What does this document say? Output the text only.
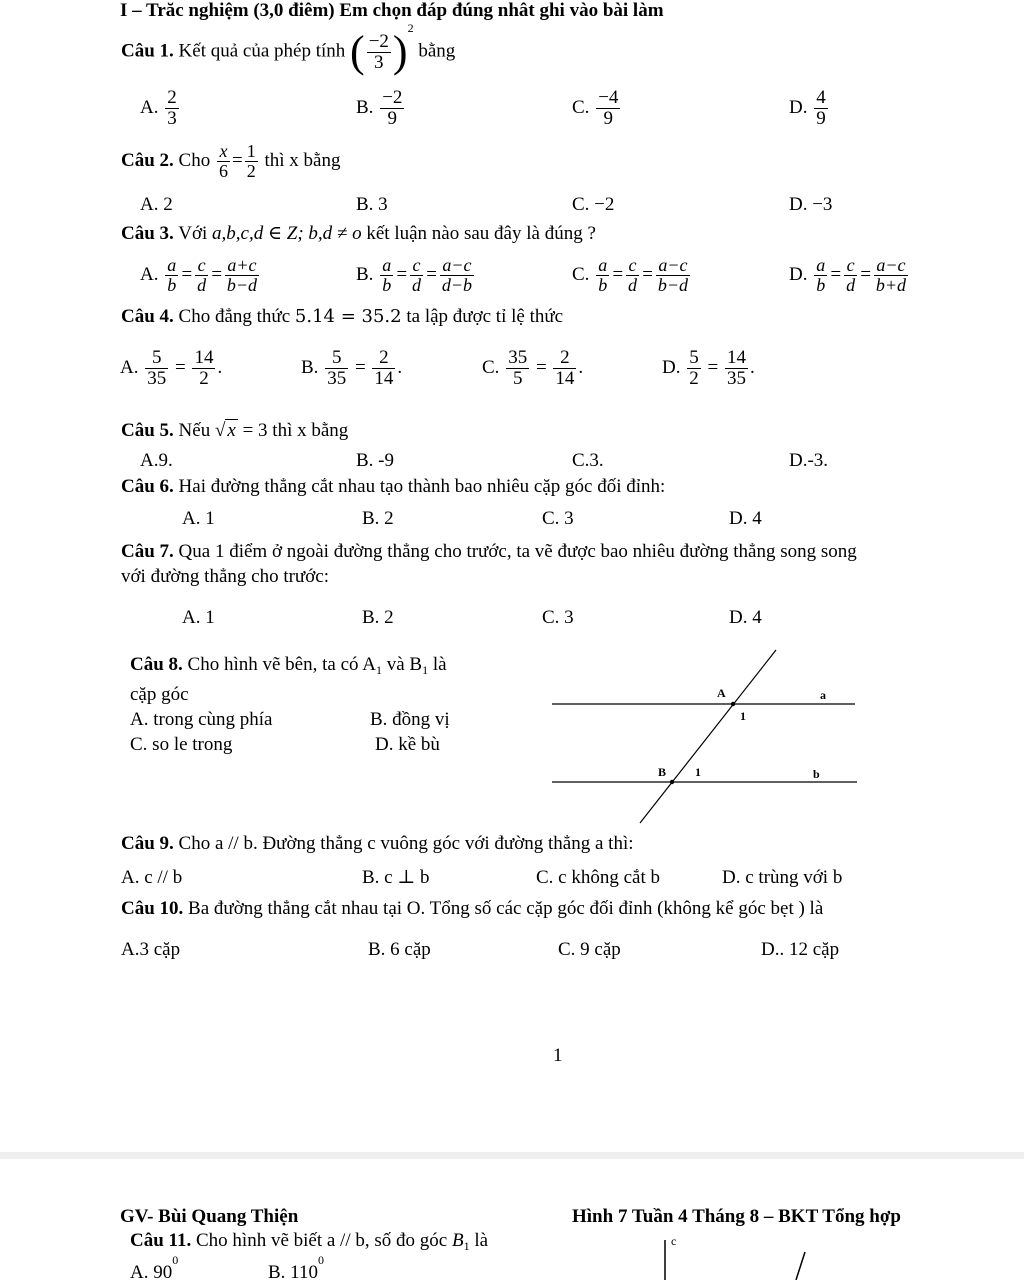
I – Trăc nghiệm (3,0 điêm) Em chọn đáp đúng nhât ghi vào bài làm
Câu 1. Kết quả của phép tính ( $\frac{-2}{3} )^2$ bằng
A. $\frac{2}{3}$	B. $\frac{-2}{9}$	C. $\frac{-4}{9}$	D. $\frac{4}{9}$
Câu 2. Cho $\frac{x}{6} = \frac{1}{2}$ thì x bằng
A. 2	B. 3	C. −2	D. −3
Câu 3. Với a,b,c,d ∈ Z; b,d ≠ o kết luận nào sau đây là đúng ?
A. $\frac{a}{b} = \frac{c}{d} = \frac{a+c}{b-d}$	B. $\frac{a}{b} = \frac{c}{d} = \frac{a-c}{d-b}$	C. $\frac{a}{b} = \frac{c}{d} = \frac{a-c}{b-d}$	D. $\frac{a}{b} = \frac{c}{d} = \frac{a-c}{b+d}$
Câu 4. Cho đẳng thức 5.14 = 35.2 ta lập được tỉ lệ thức
A. $\frac{5}{35} = \frac{14}{2}$ .	B. $\frac{5}{35} = \frac{2}{14}$ .	C. $\frac{35}{5} = \frac{2}{14}$ .	D. $\frac{5}{2} = \frac{14}{35}$ .
Câu 5. Nếu √ x = 3 thì x bằng
A.9.	B. -9	C.3.	D.-3.
Câu 6. Hai đường thẳng cắt nhau tạo thành bao nhiêu cặp góc đối đỉnh:
A. 1	B. 2	C. 3	D. 4
Câu 7. Qua 1 điểm ở ngoài đường thẳng cho trước, ta vẽ được bao nhiêu đường thẳng song song
với đường thẳng cho trước:
A. 1	B. 2	C. 3	D. 4
Câu 8. Cho hình vẽ bên, ta có A1 và B1 là
cặp góc
A. trong cùng phía	B. đồng vị
C. so le trong	D. kề bù
A
B
1
1
a
b
Câu 9. Cho a // b. Đường thẳng c vuông góc với đường thẳng a thì:
A. c // b	B. c ⊥ b	C. c không cắt b	D. c trùng với b
Câu 10. Ba đường thẳng cắt nhau tại O. Tổng số các cặp góc đối đỉnh (không kể góc bẹt ) là
A.3 cặp	B. 6 cặp	C. 9 cặp	D.. 12 cặp
1
GV- Bùi Quang Thiện	Hình 7 Tuần 4 Tháng 8 – BKT Tổng hợp
Câu 11. Cho hình vẽ biết a // b, số đo góc B1 là
A. $90^0$
B. $110^0$
c
